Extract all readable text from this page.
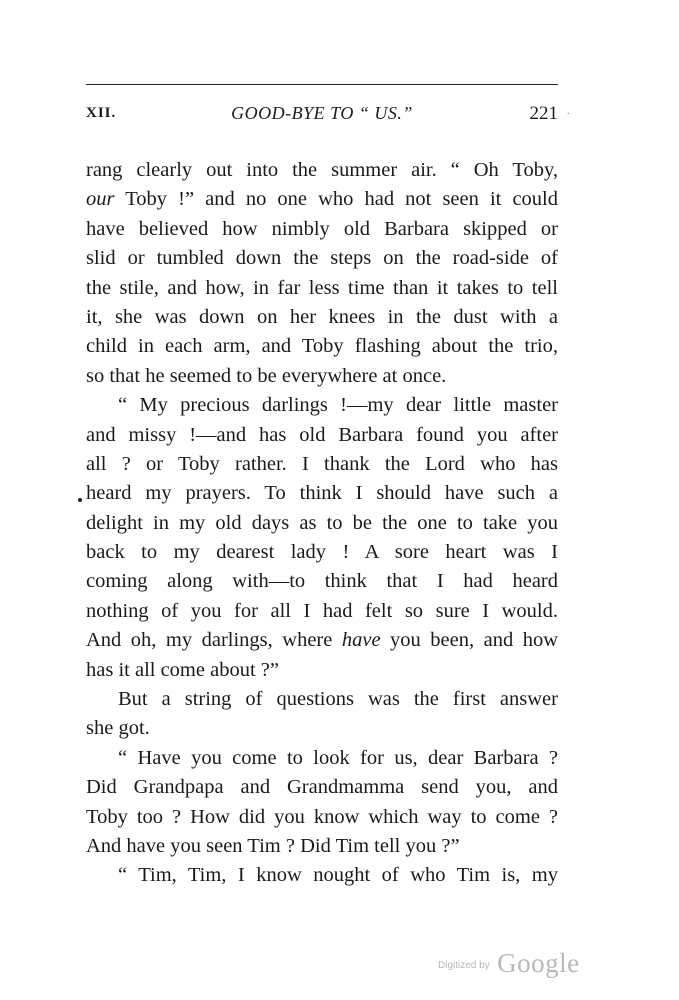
XII.	GOOD-BYE TO “ US.”	221 ·
rang clearly out into the summer air. “ Oh Toby,
our Toby !” and no one who had not seen it could
have believed how nimbly old Barbara skipped or
slid or tumbled down the steps on the road-side of
the stile, and how, in far less time than it takes to tell
it, she was down on her knees in the dust with a
child in each arm, and Toby flashing about the trio,
so that he seemed to be everywhere at once.
“ My precious darlings !—my dear little master
and missy !—and has old Barbara found you after
all ? or Toby rather. I thank the Lord who has
heard my prayers. To think I should have such a
delight in my old days as to be the one to take you
back to my dearest lady ! A sore heart was I
coming along with—to think that I had heard
nothing of you for all I had felt so sure I would.
And oh, my darlings, where have you been, and how
has it all come about ?”
But a string of questions was the first answer
she got.
“ Have you come to look for us, dear Barbara ?
Did Grandpapa and Grandmamma send you, and
Toby too ? How did you know which way to come ?
And have you seen Tim ? Did Tim tell you ?”
“ Tim, Tim, I know nought of who Tim is, my
$^{Digitized by}$ Google
